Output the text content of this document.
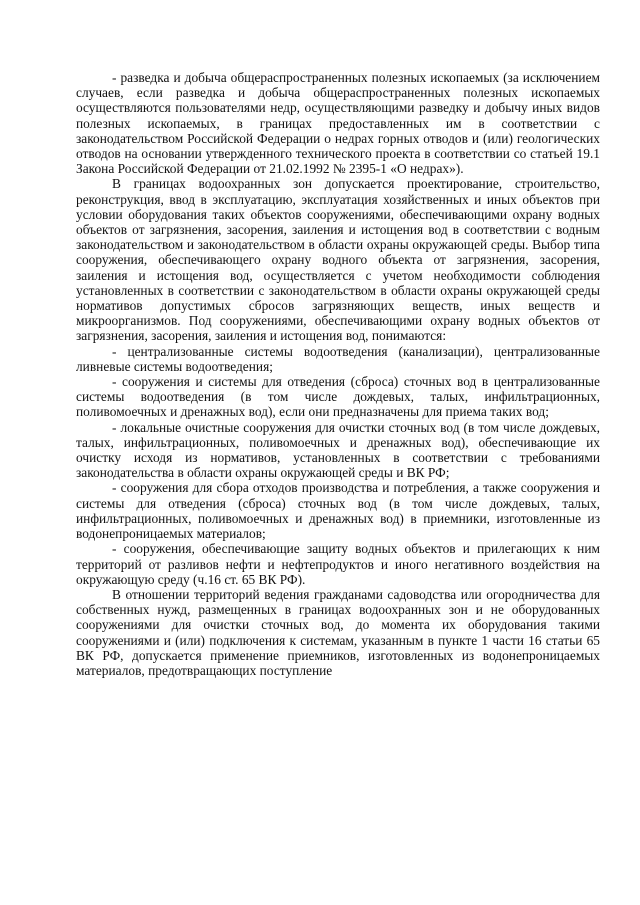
- разведка и добыча общераспространенных полезных ископаемых (за исключением случаев, если разведка и добыча общераспространенных полезных ископаемых осуществляются пользователями недр, осуществляющими разведку и добычу иных видов полезных ископаемых, в границах предоставленных им в соответствии с законодательством Российской Федерации о недрах горных отводов и (или) геологических отводов на основании утвержденного технического проекта в соответствии со статьей 19.1 Закона Российской Федерации от 21.02.1992 № 2395-1 «О недрах»).

В границах водоохранных зон допускается проектирование, строительство, реконструкция, ввод в эксплуатацию, эксплуатация хозяйственных и иных объектов при условии оборудования таких объектов сооружениями, обеспечивающими охрану водных объектов от загрязнения, засорения, заиления и истощения вод в соответствии с водным законодательством и законодательством в области охраны окружающей среды. Выбор типа сооружения, обеспечивающего охрану водного объекта от загрязнения, засорения, заиления и истощения вод, осуществляется с учетом необходимости соблюдения установленных в соответствии с законодательством в области охраны окружающей среды нормативов допустимых сбросов загрязняющих веществ, иных веществ и микроорганизмов. Под сооружениями, обеспечивающими охрану водных объектов от загрязнения, засорения, заиления и истощения вод, понимаются:

- централизованные системы водоотведения (канализации), централизованные ливневые системы водоотведения;

- сооружения и системы для отведения (сброса) сточных вод в централизованные системы водоотведения (в том числе дождевых, талых, инфильтрационных, поливомоечных и дренажных вод), если они предназначены для приема таких вод;

- локальные очистные сооружения для очистки сточных вод (в том числе дождевых, талых, инфильтрационных, поливомоечных и дренажных вод), обеспечивающие их очистку исходя из нормативов, установленных в соответствии с требованиями законодательства в области охраны окружающей среды и ВК РФ;

- сооружения для сбора отходов производства и потребления, а также сооружения и системы для отведения (сброса) сточных вод (в том числе дождевых, талых, инфильтрационных, поливомоечных и дренажных вод) в приемники, изготовленные из водонепроницаемых материалов;

- сооружения, обеспечивающие защиту водных объектов и прилегающих к ним территорий от разливов нефти и нефтепродуктов и иного негативного воздействия на окружающую среду (ч.16 ст. 65 ВК РФ).

В отношении территорий ведения гражданами садоводства или огородничества для собственных нужд, размещенных в границах водоохранных зон и не оборудованных сооружениями для очистки сточных вод, до момента их оборудования такими сооружениями и (или) подключения к системам, указанным в пункте 1 части 16 статьи 65 ВК РФ, допускается применение приемников, изготовленных из водонепроницаемых материалов, предотвращающих поступление
